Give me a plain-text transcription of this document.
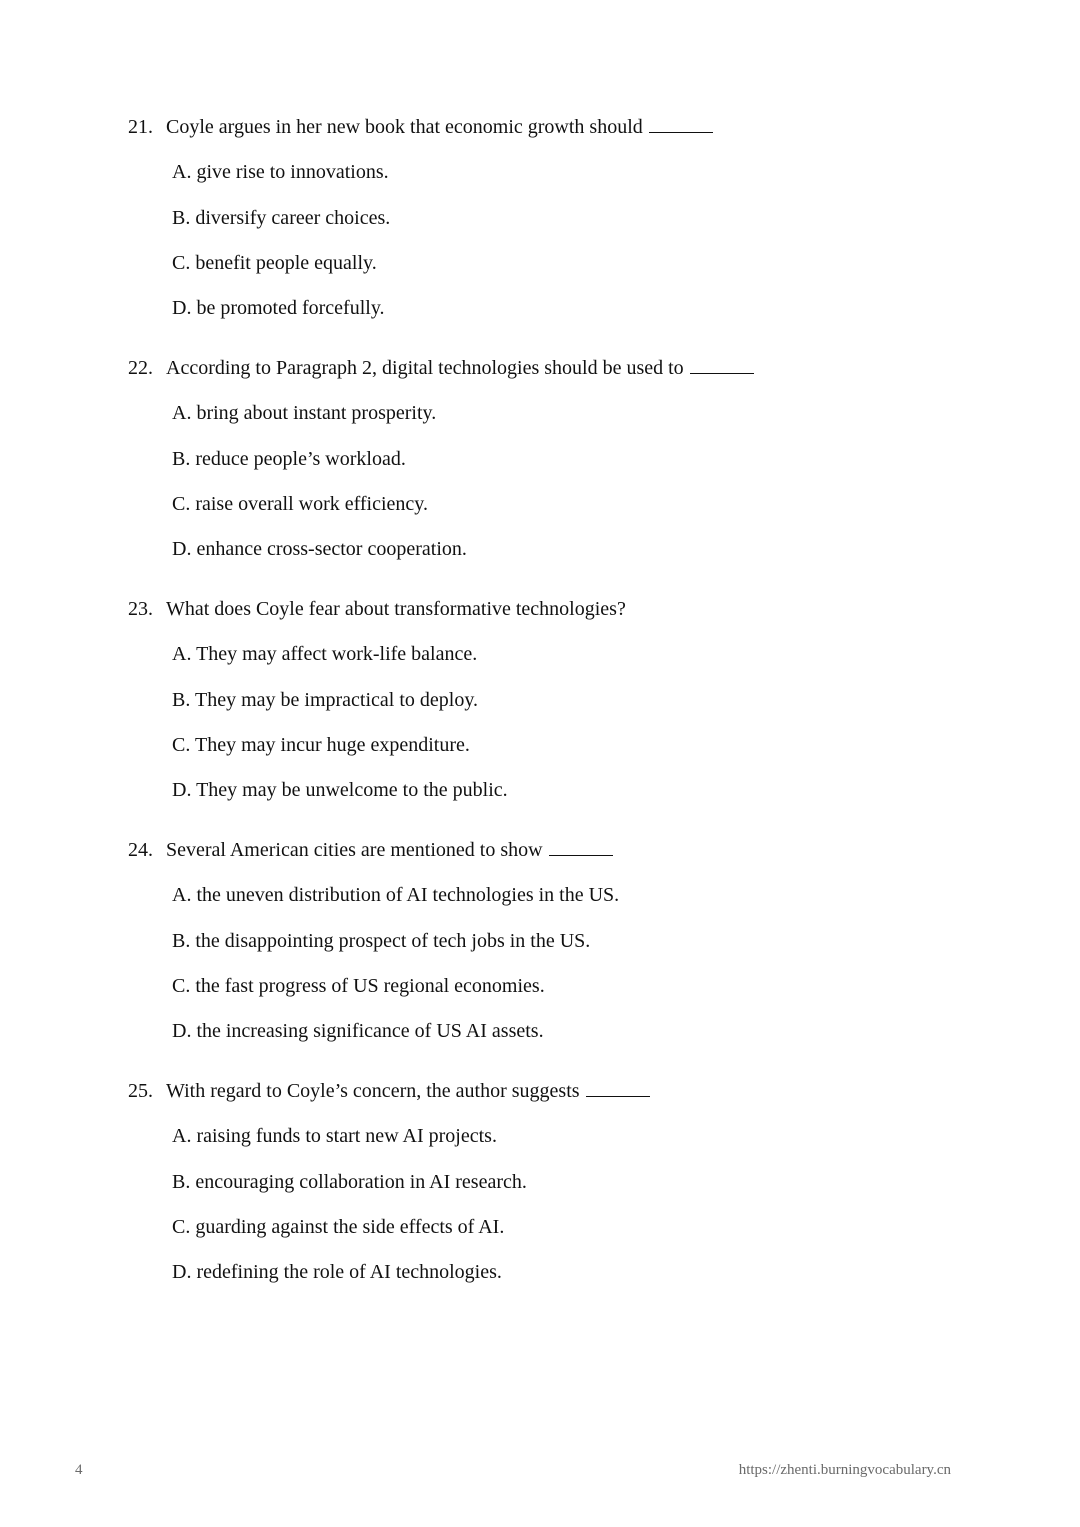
21. Coyle argues in her new book that economic growth should
A. give rise to innovations.
B. diversify career choices.
C. benefit people equally.
D. be promoted forcefully.
22. According to Paragraph 2, digital technologies should be used to
A. bring about instant prosperity.
B. reduce people’s workload.
C. raise overall work efficiency.
D. enhance cross-sector cooperation.
23. What does Coyle fear about transformative technologies?
A. They may affect work-life balance.
B. They may be impractical to deploy.
C. They may incur huge expenditure.
D. They may be unwelcome to the public.
24. Several American cities are mentioned to show
A. the uneven distribution of AI technologies in the US.
B. the disappointing prospect of tech jobs in the US.
C. the fast progress of US regional economies.
D. the increasing significance of US AI assets.
25. With regard to Coyle’s concern, the author suggests
A. raising funds to start new AI projects.
B. encouraging collaboration in AI research.
C. guarding against the side effects of AI.
D. redefining the role of AI technologies.
4	https://zhenti.burningvocabulary.cn
